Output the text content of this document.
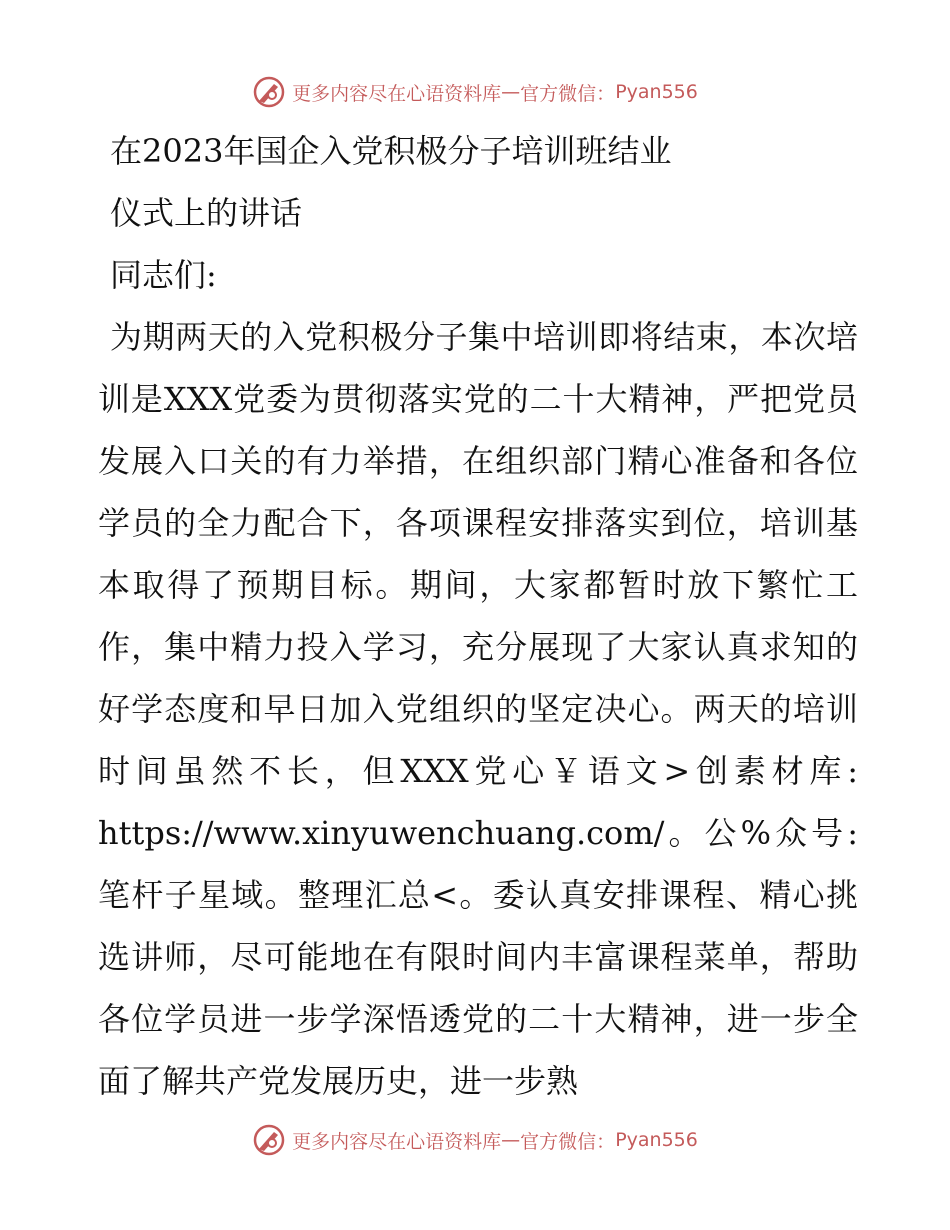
更多内容尽在心语资料库 — 官方微信： Pyan556
在2023年国企入党积极分子培训班结业
仪式上的讲话

同志们:

为期两天的入党积极分子集中培训即将结束，本次培训是XXX党委为贯彻落实党的二十大精神，严把党员发展入口关的有力举措，在组织部门精心准备和各位学员的全力配合下，各项课程安排落实到位，培训基本取得了预期目标。期间，大家都暂时放下繁忙工作，集中精力投入学习，充分展现了大家认真求知的好学态度和早日加入党组织的坚定决心。两天的培训时间虽然不长，但XXX党心￥语文>创素材库: https://www.xinyuwenchuang.com/。公%众号: 笔杆子星域。整理汇总<。委认真安排课程、精心挑选讲师，尽可能地在有限时间内丰富课程菜单，帮助各位学员进一步学深悟透党的二十大精神，进一步全面了解共产党发展历史，进一步熟

更多内容尽在心语资料库 — 官方微信： Pyan556
